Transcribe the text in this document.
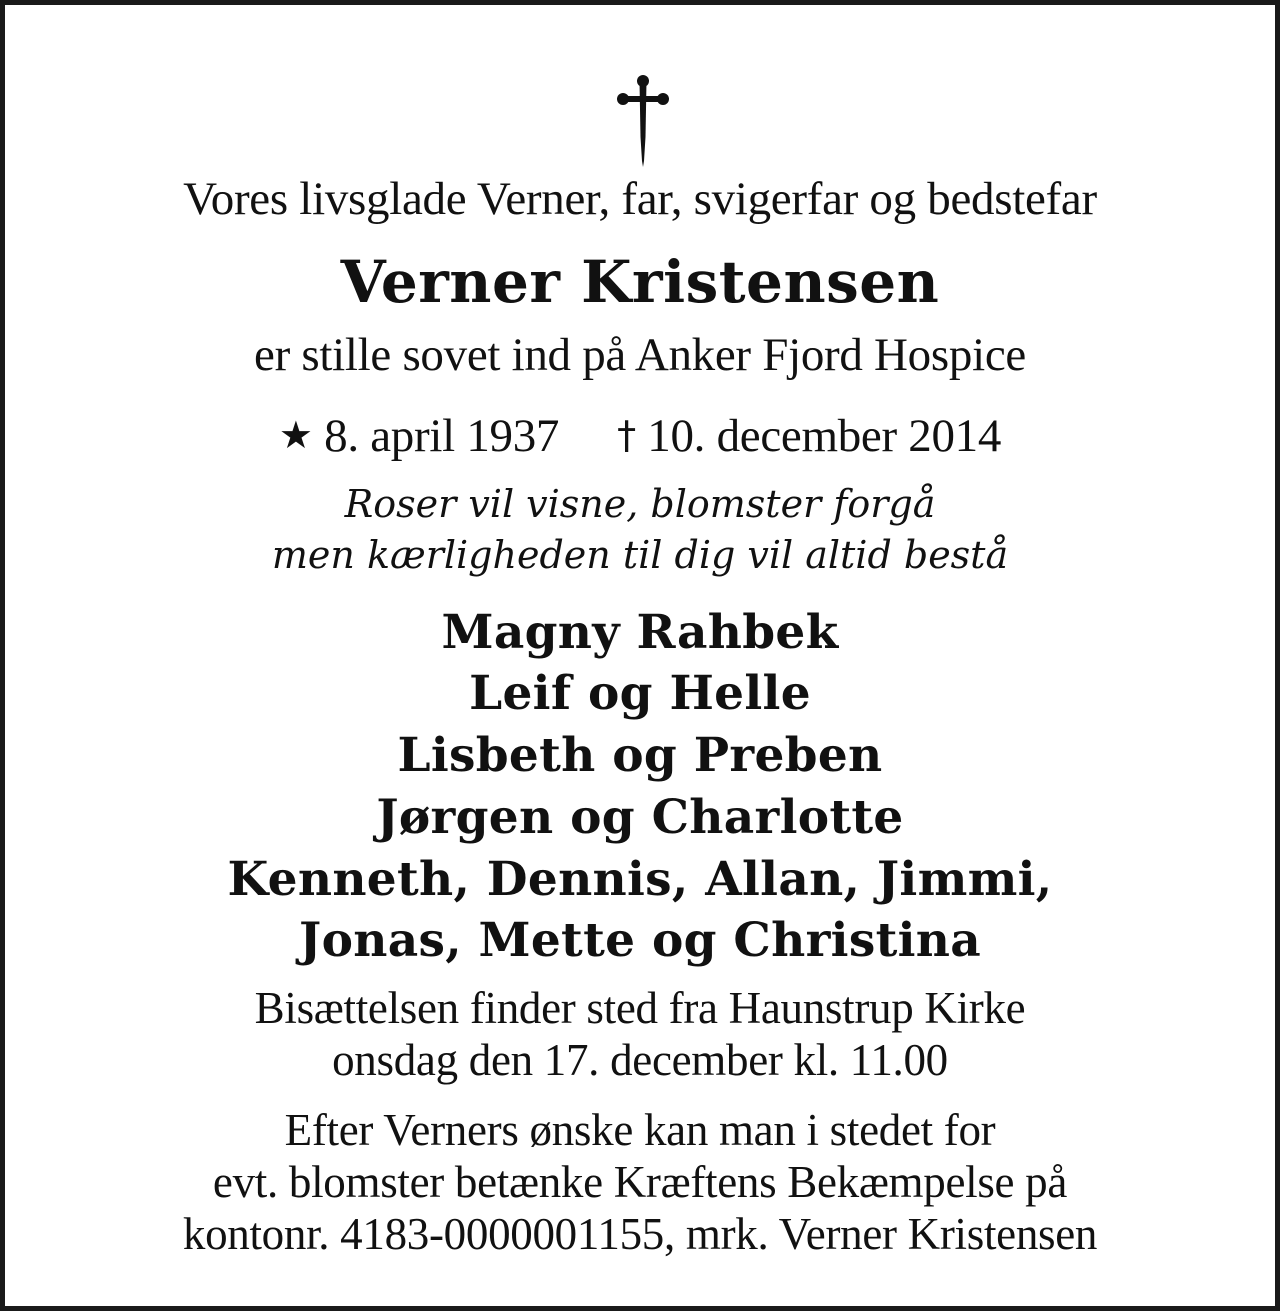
Vores livsglade Verner, far, svigerfar og bedstefar
Verner Kristensen
er stille sovet ind på Anker Fjord Hospice
★ 8. april 1937 † 10. december 2014
Roser vil visne, blomster forgå
men kærligheden til dig vil altid bestå
Magny Rahbek
Leif og Helle
Lisbeth og Preben
Jørgen og Charlotte
Kenneth, Dennis, Allan, Jimmi,
Jonas, Mette og Christina
Bisættelsen finder sted fra Haunstrup Kirke
onsdag den 17. december kl. 11.00
Efter Verners ønske kan man i stedet for
evt. blomster betænke Kræftens Bekæmpelse på
kontonr. 4183-0000001155, mrk. Verner Kristensen
